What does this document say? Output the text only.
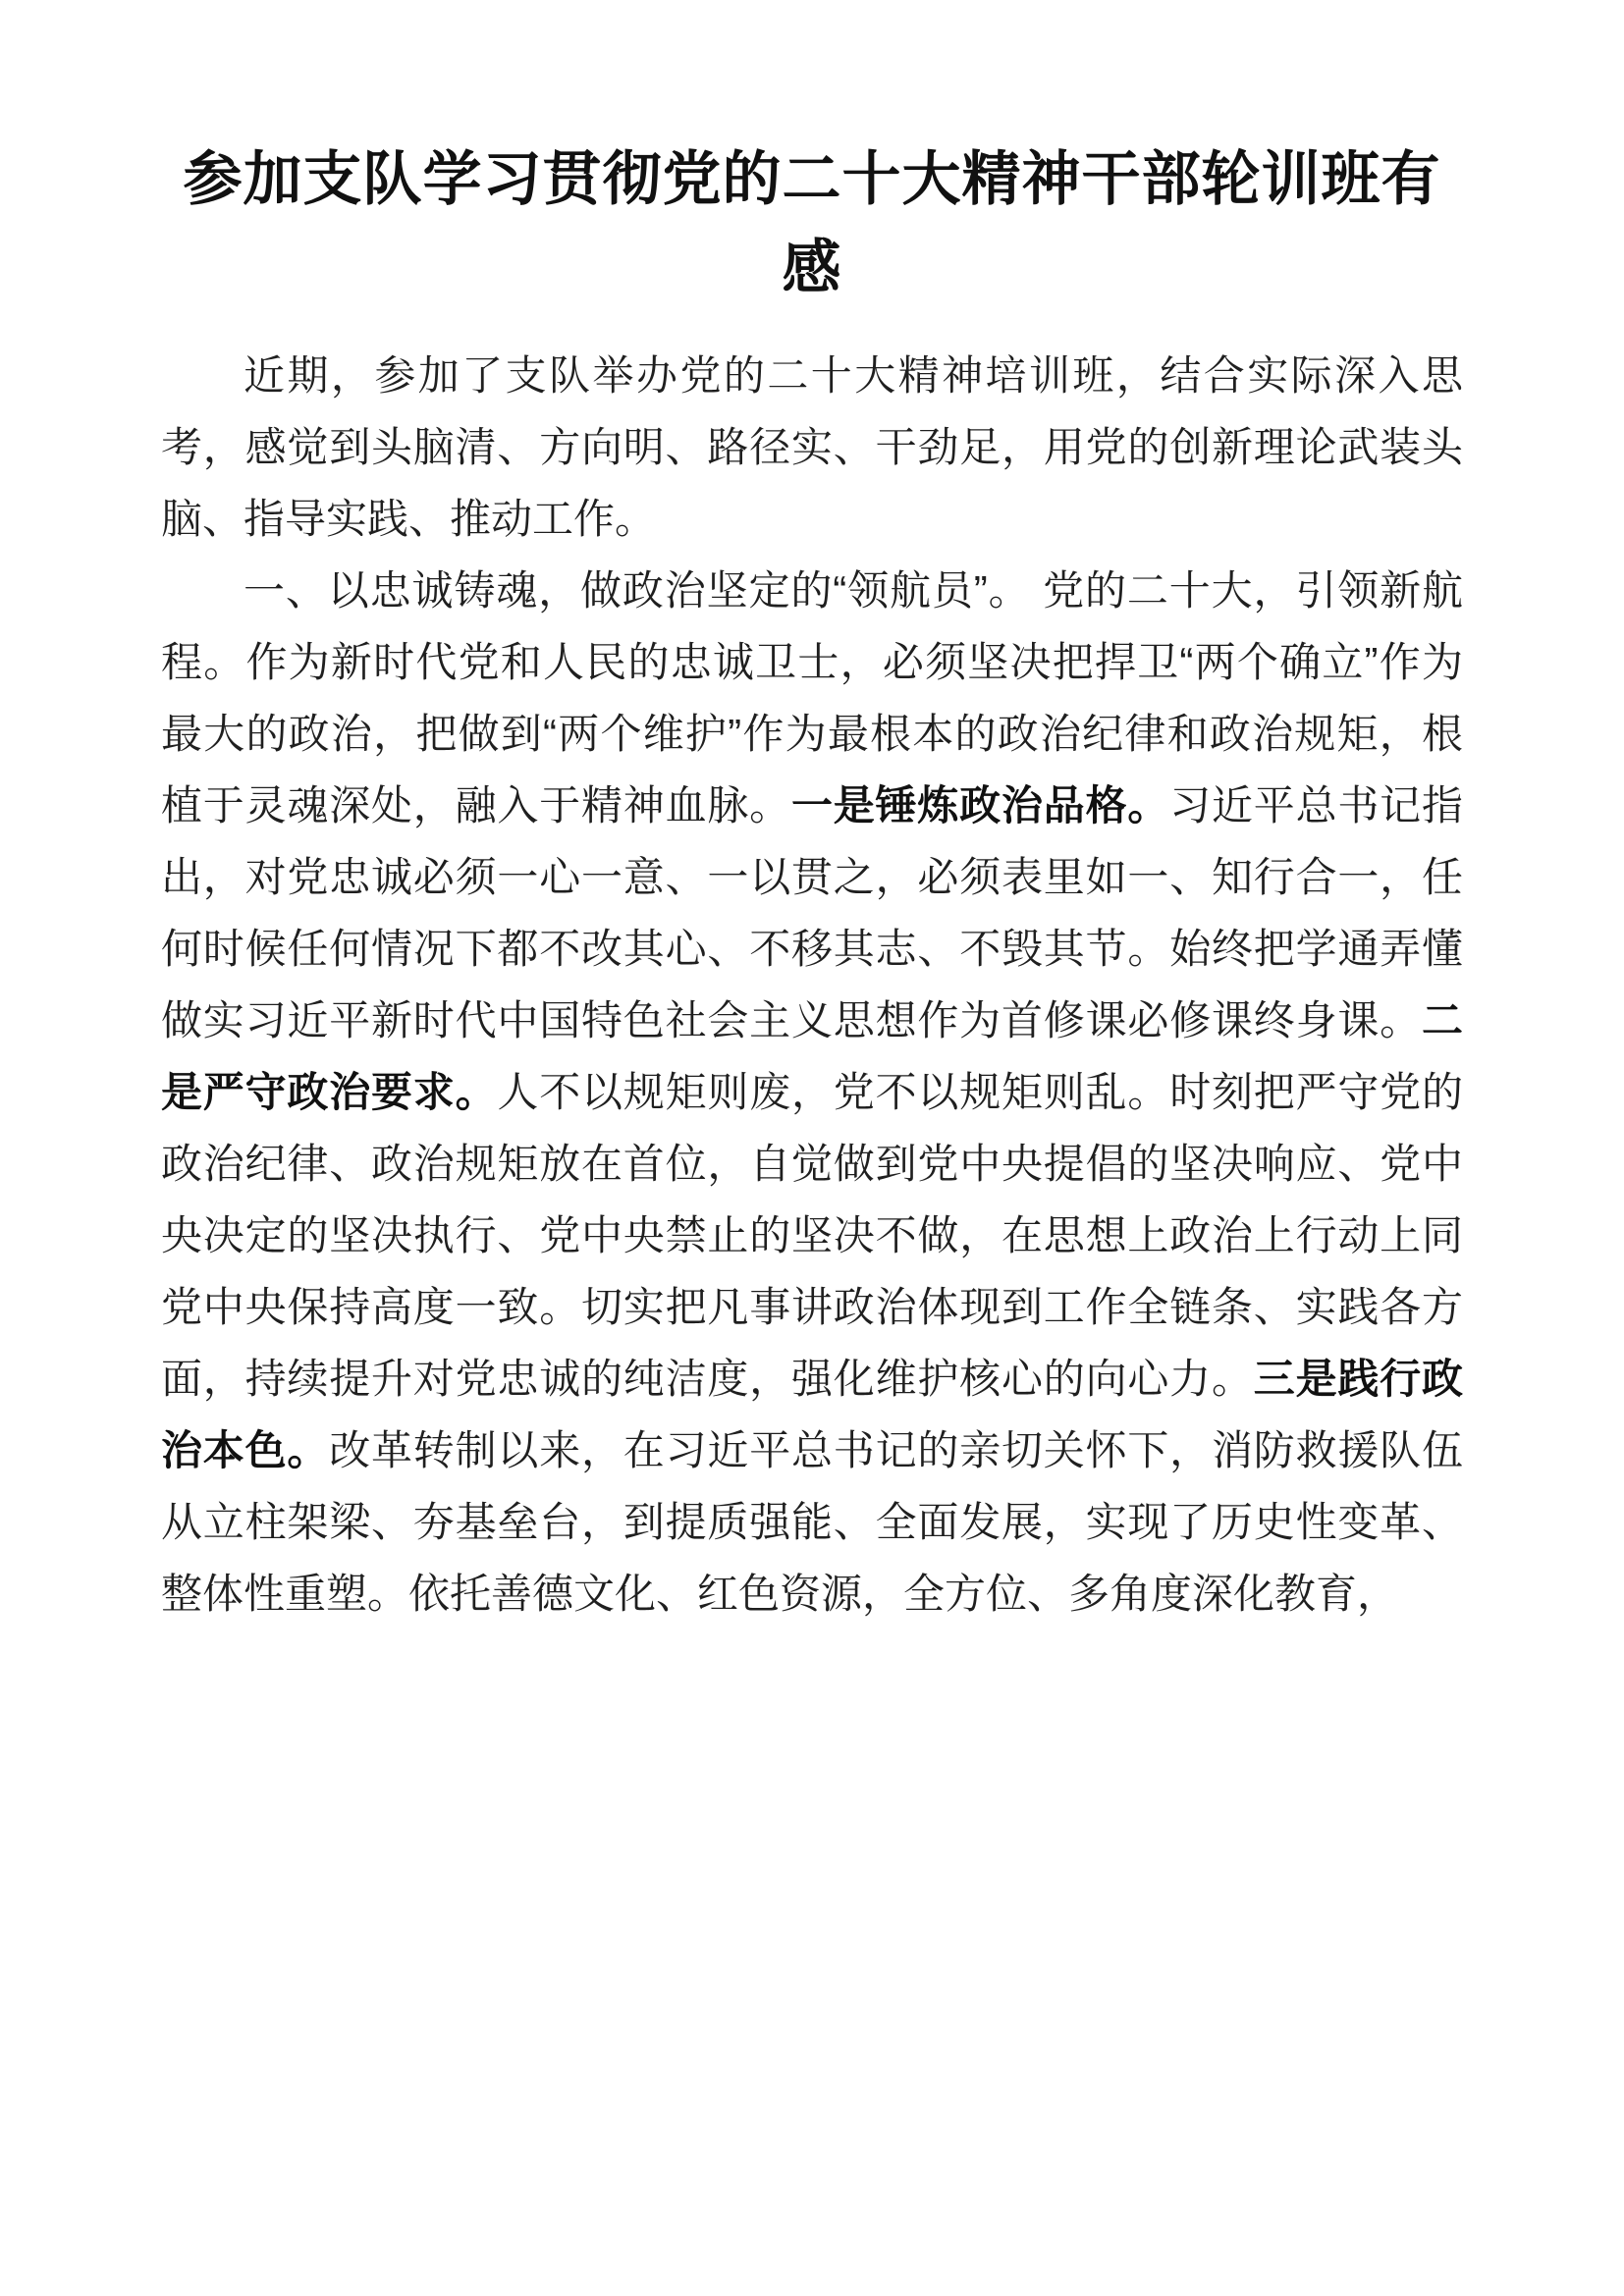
参加支队学习贯彻党的二十大精神干部轮训班有感

近期，参加了支队举办党的二十大精神培训班，结合实际深入思考，感觉到头脑清、方向明、路径实、干劲足，用党的创新理论武装头脑、指导实践、推动工作。

一、以忠诚铸魂，做政治坚定的“领航员”。 党的二十大，引领新航程。作为新时代党和人民的忠诚卫士，必须坚决把捍卫“两个确立”作为最大的政治，把做到“两个维护”作为最根本的政治纪律和政治规矩，根植于灵魂深处，融入于精神血脉。一是锤炼政治品格。习近平总书记指出，对党忠诚必须一心一意、一以贯之，必须表里如一、知行合一，任何时候任何情况下都不改其心、不移其志、不毁其节。始终把学通弄懂做实习近平新时代中国特色社会主义思想作为首修课必修课终身课。二是严守政治要求。人不以规矩则废，党不以规矩则乱。时刻把严守党的政治纪律、政治规矩放在首位，自觉做到党中央提倡的坚决响应、党中央决定的坚决执行、党中央禁止的坚决不做，在思想上政治上行动上同党中央保持高度一致。切实把凡事讲政治体现到工作全链条、实践各方面，持续提升对党忠诚的纯洁度，强化维护核心的向心力。三是践行政治本色。改革转制以来，在习近平总书记的亲切关怀下，消防救援队伍从立柱架梁、夯基垒台，到提质强能、全面发展，实现了历史性变革、整体性重塑。依托善德文化、红色资源，全方位、多角度深化教育，
